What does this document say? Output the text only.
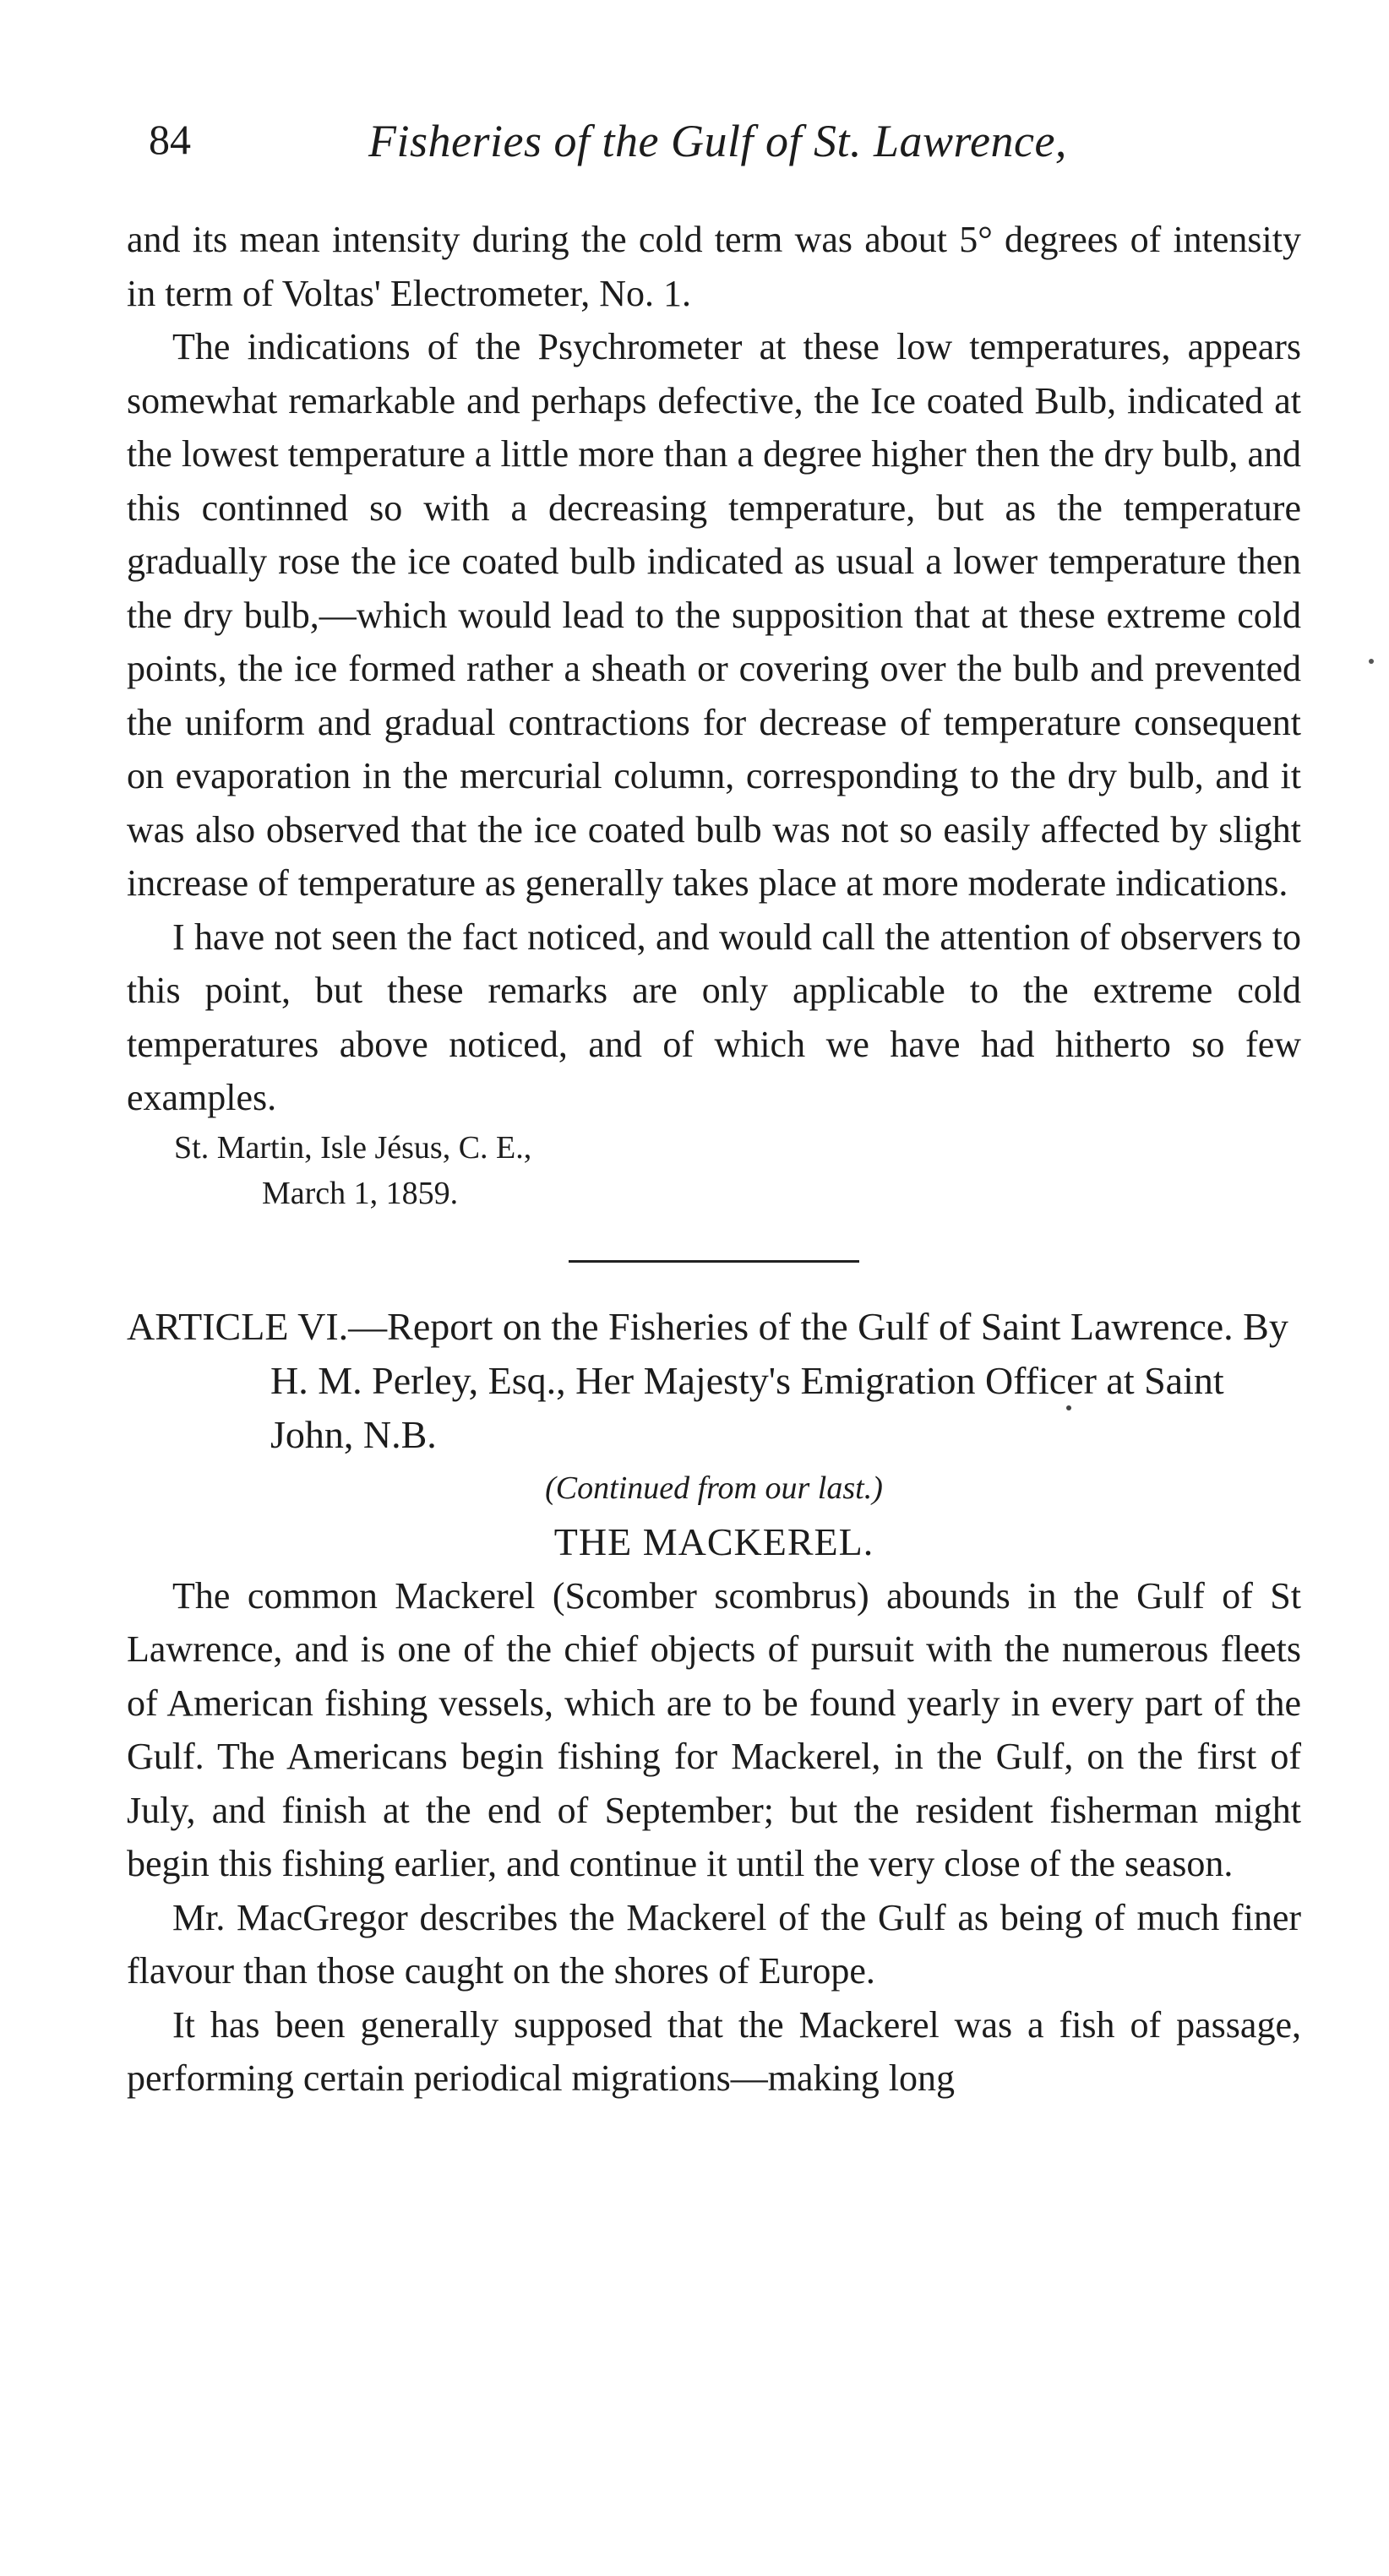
84	Fisheries of the Gulf of St. Lawrence,

and its mean intensity during the cold term was about 5° degrees of intensity in term of Voltas' Electrometer, No. 1.

The indications of the Psychrometer at these low temperatures, appears somewhat remarkable and perhaps defective, the Ice coated Bulb, indicated at the lowest temperature a little more than a degree higher then the dry bulb, and this continned so with a decreasing temperature, but as the temperature gradually rose the ice coated bulb indicated as usual a lower temperature then the dry bulb,—which would lead to the supposition that at these extreme cold points, the ice formed rather a sheath or covering over the bulb and prevented the uniform and gradual contractions for decrease of temperature consequent on evaporation in the mercurial column, corresponding to the dry bulb, and it was also observed that the ice coated bulb was not so easily affected by slight increase of temperature as generally takes place at more moderate indications.

I have not seen the fact noticed, and would call the attention of observers to this point, but these remarks are only applicable to the extreme cold temperatures above noticed, and of which we have had hitherto so few examples.

St. Martin, Isle Jésus, C. E.,

March 1, 1859.

ARTICLE VI.—Report on the Fisheries of the Gulf of Saint Lawrence. By H. M. Perley, Esq., Her Majesty's Emigration Officer at Saint John, N.B.

(Continued from our last.)

THE MACKEREL.

The common Mackerel (Scomber scombrus) abounds in the Gulf of St Lawrence, and is one of the chief objects of pursuit with the numerous fleets of American fishing vessels, which are to be found yearly in every part of the Gulf. The Americans begin fishing for Mackerel, in the Gulf, on the first of July, and finish at the end of September; but the resident fisherman might begin this fishing earlier, and continue it until the very close of the season.

Mr. MacGregor describes the Mackerel of the Gulf as being of much finer flavour than those caught on the shores of Europe.

It has been generally supposed that the Mackerel was a fish of passage, performing certain periodical migrations—making long
